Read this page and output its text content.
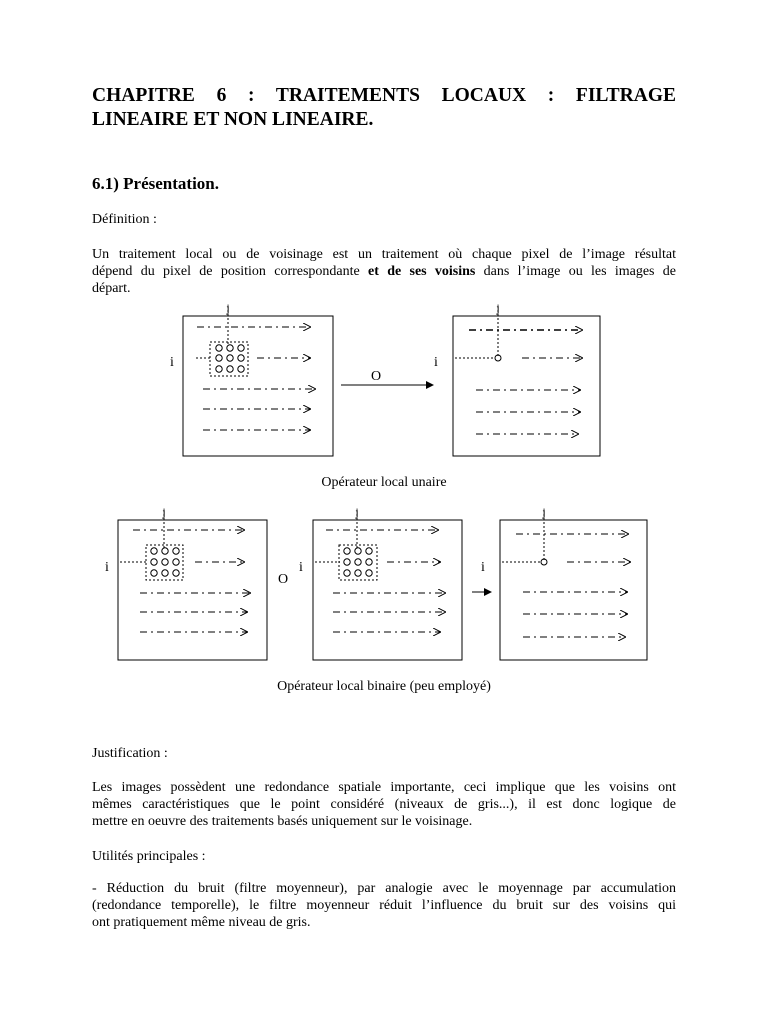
CHAPITRE 6 : TRAITEMENTS LOCAUX : FILTRAGE
LINEAIRE ET NON LINEAIRE.
6.1) Présentation.
Définition :
Un traitement local ou de voisinage est un traitement où chaque pixel de l’image résultat
dépend du pixel de position correspondante et de ses voisins dans l’image ou les images de
départ.
j
i
O
j
i
Opérateur local unaire
j
i
O
j
i
j
i
Opérateur local binaire (peu employé)
Justification :
Les images possèdent une redondance spatiale importante, ceci implique que les voisins ont
mêmes caractéristiques que le point considéré (niveaux de gris...), il est donc logique de
mettre en oeuvre des traitements basés uniquement sur le voisinage.
Utilités principales :
- Réduction du bruit (filtre moyenneur), par analogie avec le moyennage par accumulation
(redondance temporelle), le filtre moyenneur réduit l’influence du bruit sur des voisins qui
ont pratiquement même niveau de gris.
